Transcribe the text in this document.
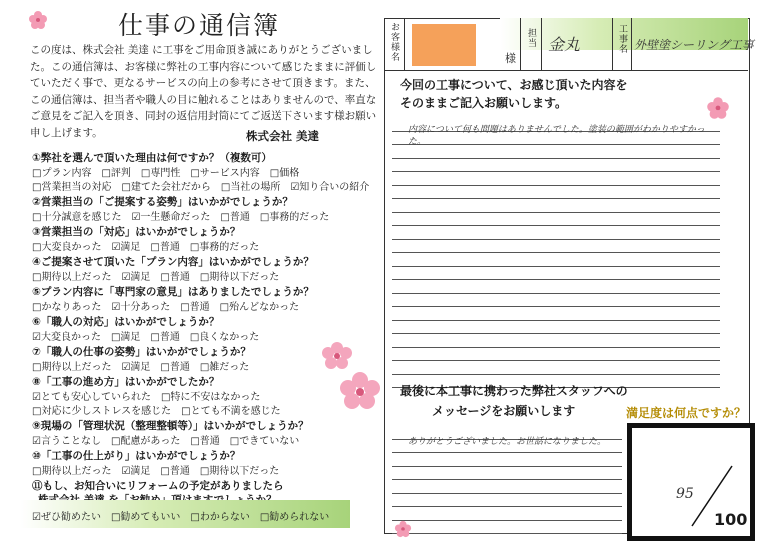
仕事の通信簿
この度は、株式会社 美達 に工事をご用命頂き誠にありがとうございました。この通信簿は、お客様に弊社の工事内容について感じたままに評価していただく事で、更なるサービスの向上の参考にさせて頂きます。また、この通信簿は、担当者や職人の目に触れることはありませんので、率直なご意見をご記入を頂き、同封の返信用封筒にてご返送下さいます様お願い申し上げます。	株式会社 美達
①弊社を選んで頂いた理由は何ですか？（複数可）
□プラン内容　□評判　□専門性　□サービス内容　□価格
□営業担当の対応　□建てた会社だから　□当社の場所　☑知り合いの紹介
②営業担当の「ご提案する姿勢」はいかがでしょうか？
□十分誠意を感じた　☑一生懸命だった　□普通　□事務的だった
③営業担当の「対応」はいかがでしょうか？
□大変良かった　☑満足　□普通　□事務的だった
④ご提案させて頂いた「プラン内容」はいかがでしょうか？
□期待以上だった　☑満足　□普通　□期待以下だった
⑤プラン内容に「専門家の意見」はありましたでしょうか？
□かなりあった　☑十分あった　□普通　□殆んどなかった
⑥「職人の対応」はいかがでしょうか？
☑大変良かった　□満足　□普通　□良くなかった
⑦「職人の仕事の姿勢」はいかがでしょうか？
□期待以上だった　☑満足　□普通　□雑だった
⑧「工事の進め方」はいかがでしたか？
☑とても安心していられた　□特に不安はなかった
□対応に少しストレスを感じた　□とても不満を感じた
⑨現場の「管理状況（整理整頓等）」はいかがでしょうか？
☑言うことなし　□配慮があった　□普通　□できていない
⑩「工事の仕上がり」はいかがでしょうか？
□期待以上だった　☑満足　□普通　□期待以下だった
⑪もし、お知合いにリフォームの予定がありましたら
☑ぜひ勧めたい　□勧めてもいい　□わからない　□勧められない
お客様名	様
担当 金丸	工事名 外壁塗シーリング工事
今回の工事について、お感じ頂いた内容を
そのままご記入お願いします。
内容について何も問題はありませんでした。塗装の範囲がわかりやすかった。
最後に本工事に携わった弊社スタッフへの
メッセージをお願いします	満足度は何点ですか？
ありがとうございました。お世話になりました。
95
100
